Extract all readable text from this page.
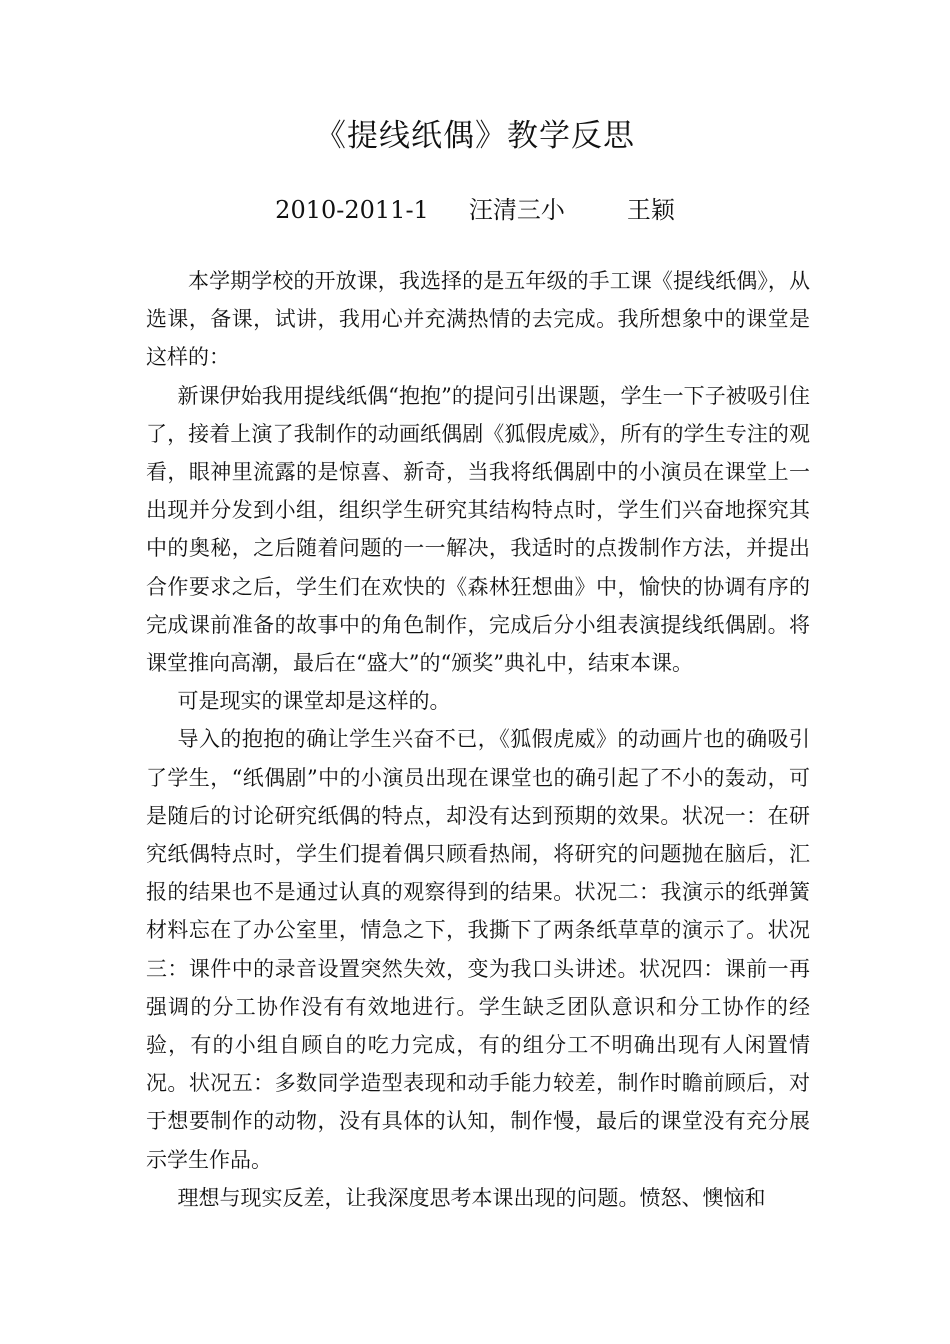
《提线纸偶》教学反思
2010-2011-1 汪清三小	王颖

本学期学校的开放课，我选择的是五年级的手工课《提线纸偶》，从选课，备课，试讲，我用心并充满热情的去完成。我所想象中的课堂是这样的：

新课伊始我用提线纸偶“抱抱”的提问引出课题，学生一下子被吸引住了，接着上演了我制作的动画纸偶剧《狐假虎威》，所有的学生专注的观看，眼神里流露的是惊喜、新奇，当我将纸偶剧中的小演员在课堂上一出现并分发到小组，组织学生研究其结构特点时，学生们兴奋地探究其中的奥秘，之后随着问题的一一解决，我适时的点拨制作方法，并提出合作要求之后，学生们在欢快的《森林狂想曲》中，愉快的协调有序的完成课前准备的故事中的角色制作，完成后分小组表演提线纸偶剧。将课堂推向高潮，最后在“盛大”的“颁奖”典礼中，结束本课。

可是现实的课堂却是这样的。

导入的抱抱的确让学生兴奋不已，《狐假虎威》的动画片也的确吸引了学生，“纸偶剧”中的小演员出现在课堂也的确引起了不小的轰动，可是随后的讨论研究纸偶的特点，却没有达到预期的效果。状况一：在研究纸偶特点时，学生们提着偶只顾看热闹，将研究的问题抛在脑后，汇报的结果也不是通过认真的观察得到的结果。状况二：我演示的纸弹簧材料忘在了办公室里，情急之下，我撕下了两条纸草草的演示了。状况三：课件中的录音设置突然失效，变为我口头讲述。状况四：课前一再强调的分工协作没有有效地进行。学生缺乏团队意识和分工协作的经验，有的小组自顾自的吃力完成，有的组分工不明确出现有人闲置情况。状况五：多数同学造型表现和动手能力较差，制作时瞻前顾后，对于想要制作的动物，没有具体的认知，制作慢，最后的课堂没有充分展示学生作品。

理想与现实反差，让我深度思考本课出现的问题。愤怒、懊恼和
